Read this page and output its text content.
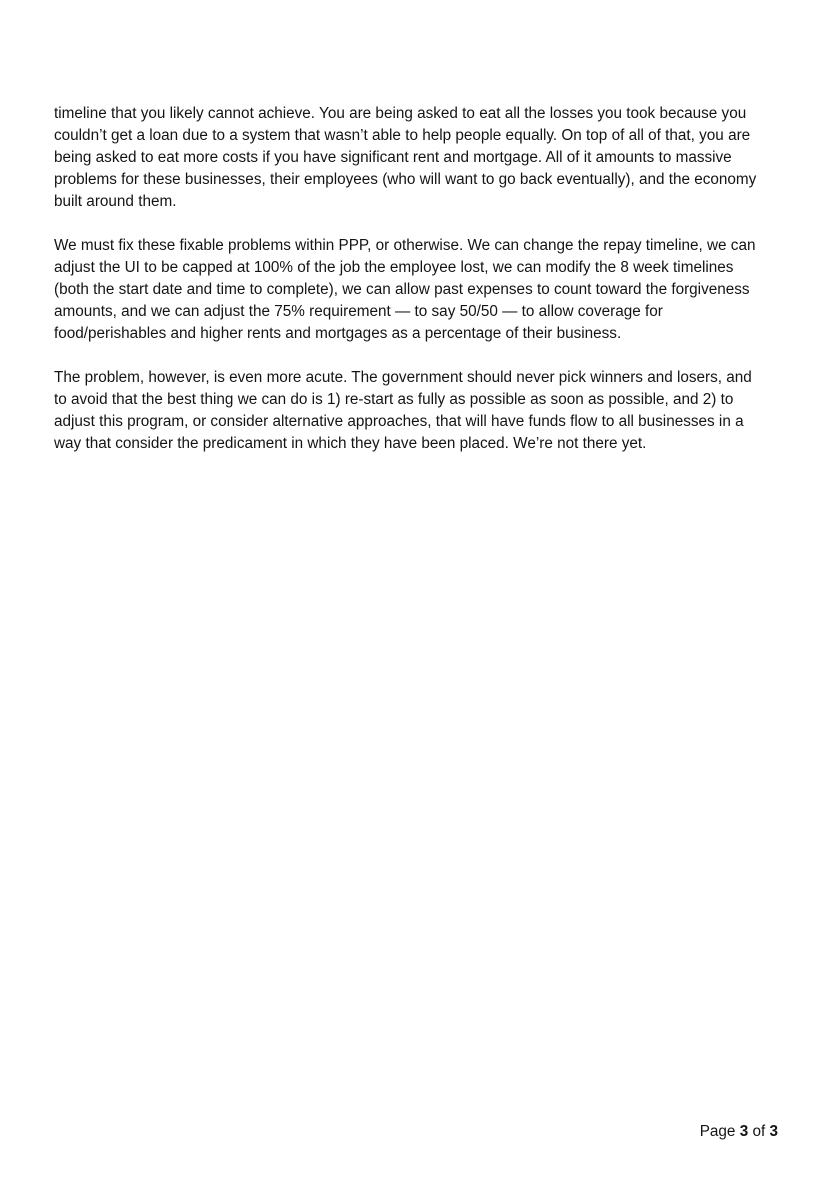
timeline that you likely cannot achieve. You are being asked to eat all the losses you took because you
couldn’t get a loan due to a system that wasn’t able to help people equally. On top of all of that, you are
being asked to eat more costs if you have significant rent and mortgage. All of it amounts to massive
problems for these businesses, their employees (who will want to go back eventually), and the economy
built around them.

We must fix these fixable problems within PPP, or otherwise. We can change the repay timeline, we can
adjust the UI to be capped at 100% of the job the employee lost, we can modify the 8 week timelines
(both the start date and time to complete), we can allow past expenses to count toward the forgiveness
amounts, and we can adjust the 75% requirement — to say 50/50 — to allow coverage for
food/perishables and higher rents and mortgages as a percentage of their business.

The problem, however, is even more acute. The government should never pick winners and losers, and
to avoid that the best thing we can do is 1) re-start as fully as possible as soon as possible, and 2) to
adjust this program, or consider alternative approaches, that will have funds flow to all businesses in a
way that consider the predicament in which they have been placed. We’re not there yet.

Page 3 of 3
